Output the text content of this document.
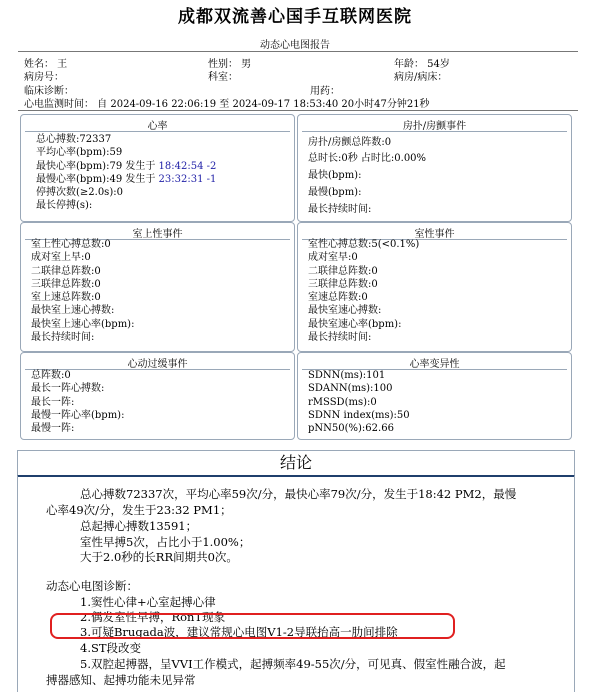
成都双流善心国手互联网医院
动态心电图报告
姓名： 王	性别： 男	年龄： 54岁
病房号：	科室：	病房/病床：
临床诊断：	用药：
心电监测时间： 自 2024-09-16 22:06:19 至 2024-09-17 18:53:40 20小时47分钟21秒
心率
总心搏数:72337
平均心率(bpm):59
最快心率(bpm):79 发生于 18:42:54 -2
最慢心率(bpm):49 发生于 23:32:31 -1
停搏次数(≥2.0s):0
最长停搏(s):
房扑/房颤事件
房扑/房颤总阵数:0
总时长:0秒 占时比:0.00%
最快(bpm):
最慢(bpm):
最长持续时间:
室上性事件
室上性心搏总数:0
成对室上早:0
二联律总阵数:0
三联律总阵数:0
室上速总阵数:0
最快室上速心搏数:
最快室上速心率(bpm):
最长持续时间:
室性事件
室性心搏总数:5(<0.1%)
成对室早:0
二联律总阵数:0
三联律总阵数:0
室速总阵数:0
最快室速心搏数:
最快室速心率(bpm):
最长持续时间:
心动过缓事件
总阵数:0
最长一阵心搏数:
最长一阵:
最慢一阵心率(bpm):
最慢一阵:
心率变异性
SDNN(ms):101
SDANN(ms):100
rMSSD(ms):0
SDNN index(ms):50
pNN50(%):62.66
结论
总心搏数72337次，平均心率59次/分，最快心率79次/分，发生于18:42 PM2，最慢
心率49次/分，发生于23:32 PM1；
总起搏心搏数13591；
室性早搏5次，占比小于1.00%；
大于2.0秒的长RR间期共0次。
动态心电图诊断：
1.窦性心律+心室起搏心律
2.偶发室性早搏，RonT现象
3.可疑Brugada波，建议常规心电图V1-2导联抬高一肋间排除
4.ST段改变
5.双腔起搏器，呈VVI工作模式，起搏频率49-55次/分，可见真、假室性融合波，起
搏器感知、起搏功能未见异常
